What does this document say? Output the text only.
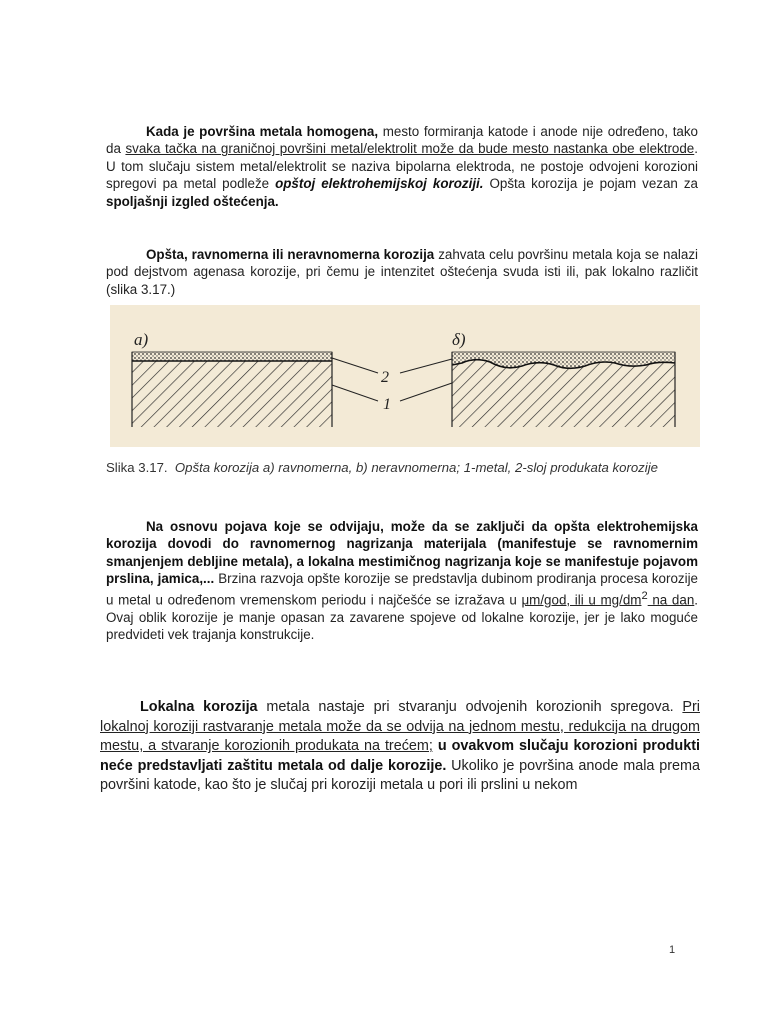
Kada je površina metala homogena, mesto formiranja katode i anode nije određeno, tako da svaka tačka na graničnoj površini metal/elektrolit može da bude mesto nastanka obe elektrode. U tom slučaju sistem metal/elektrolit se naziva bipolarna elektroda, ne postoje odvojeni korozioni spregovi pa metal podleže opštoj elektrohemijskoj koroziji. Opšta korozija je pojam vezan za spoljašnji izgled oštećenja.

Opšta, ravnomerna ili neravnomerna korozija zahvata celu površinu metala koja se nalazi pod dejstvom agenasa korozije, pri čemu je intenzitet oštećenja svuda isti ili, pak lokalno različit (slika 3.17.)

a)
2
1
δ)
Slika 3.17. Opšta korozija a) ravnomerna, b) neravnomerna; 1-metal, 2-sloj produkata korozije

Na osnovu pojava koje se odvijaju, može da se zaključi da opšta elektrohemijska korozija dovodi do ravnomernog nagrizanja materijala (manifestuje se ravnomernim smanjenjem debljine metala), a lokalna mestimičnog nagrizanja koje se manifestuje pojavom prslina, jamica,... Brzina razvoja opšte korozije se predstavlja dubinom prodiranja procesa korozije u metal u određenom vremenskom periodu i najčešće se izražava u μm/god, ili u $mg/dm^2$ na dan. Ovaj oblik korozije je manje opasan za zavarene spojeve od lokalne korozije, jer je lako moguće predvideti vek trajanja konstrukcije.

Lokalna korozija metala nastaje pri stvaranju odvojenih korozionih spregova. Pri lokalnoj koroziji rastvaranje metala može da se odvija na jednom mestu, redukcija na drugom mestu, a stvaranje korozionih produkata na trećem; u ovakvom slučaju korozioni produkti neće predstavljati zaštitu metala od dalje korozije. Ukoliko je površina anode mala prema površini katode, kao što je slučaj pri koroziji metala u pori ili prslini u nekom

1
